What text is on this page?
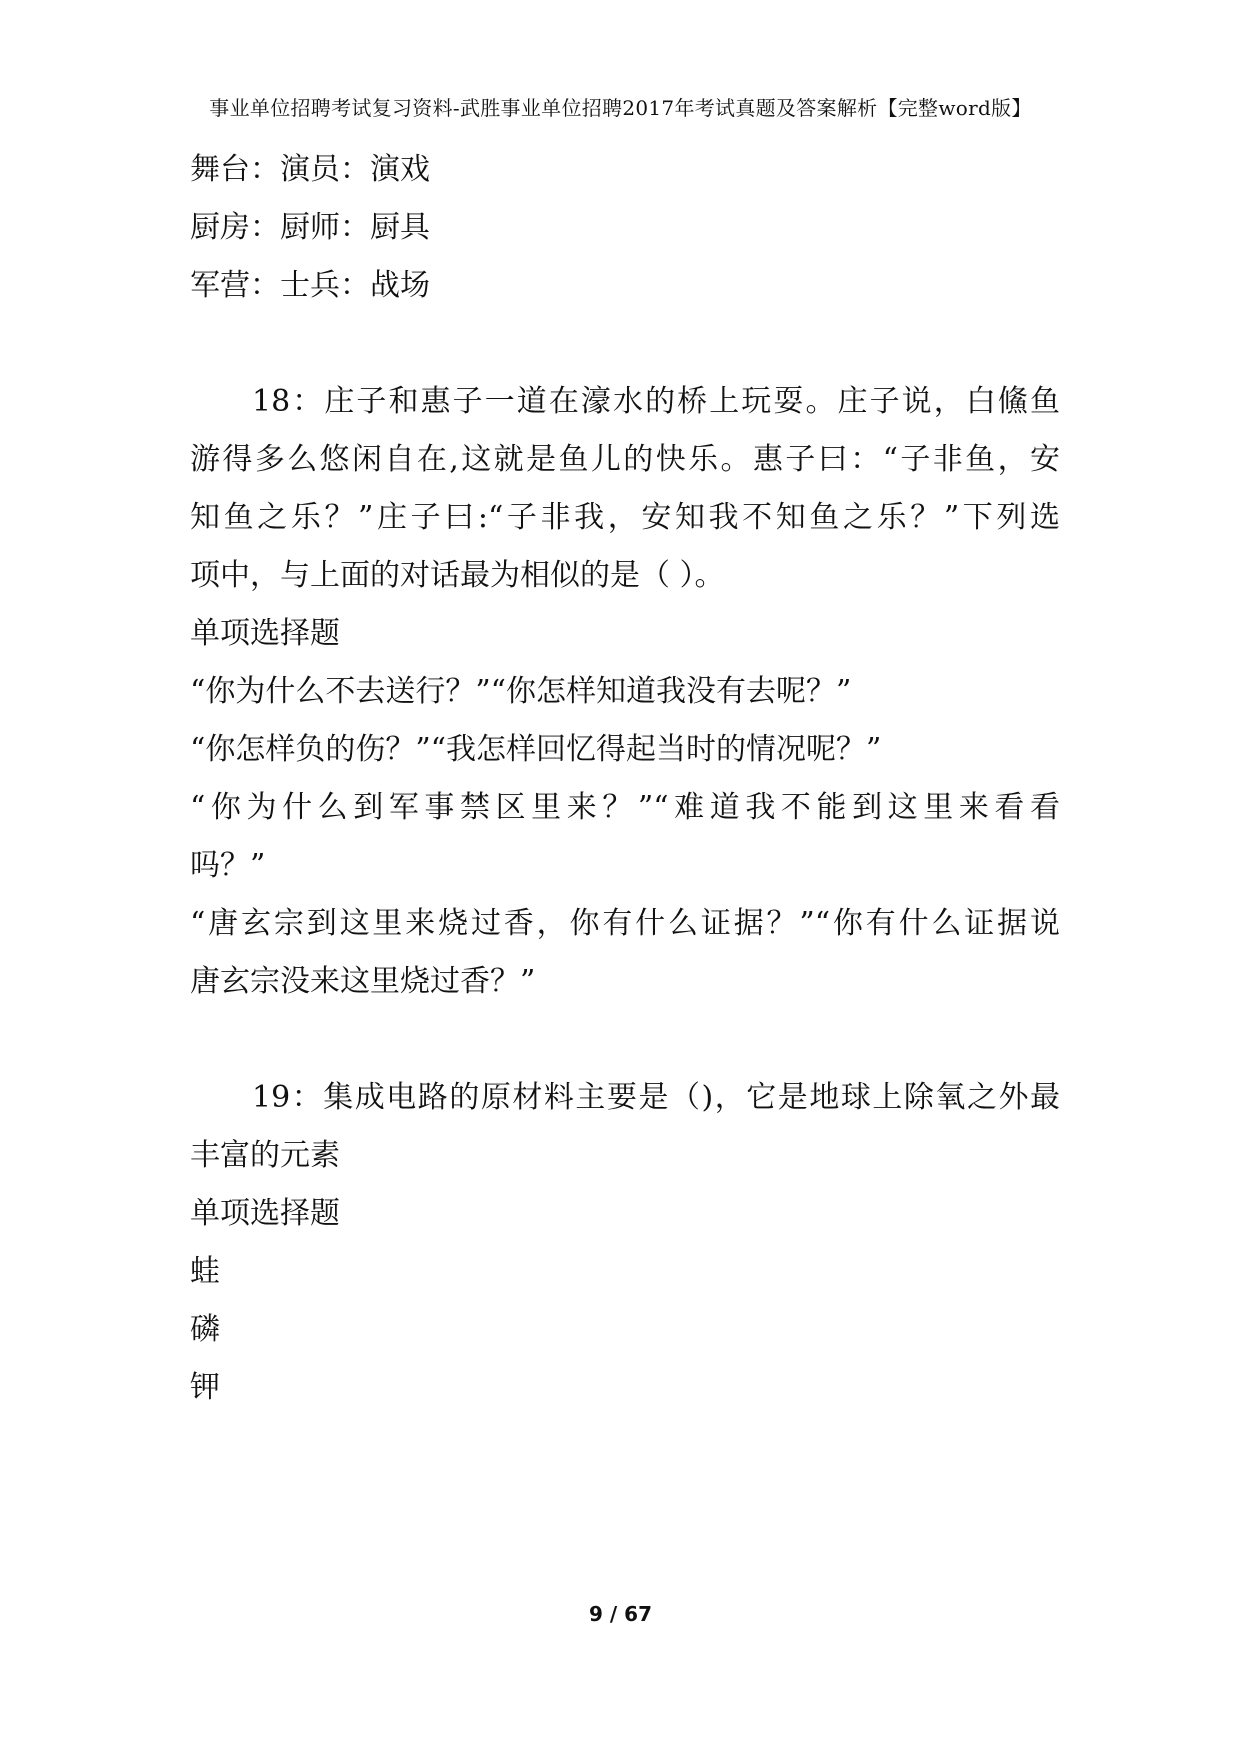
事业单位招聘考试复习资料-武胜事业单位招聘2017年考试真题及答案解析【完整word版】
舞台：演员：演戏
厨房：厨师：厨具
军营：士兵：战场
18：庄子和惠子一道在濠水的桥上玩耍。庄子说，白鯈鱼
游得多么悠闲自在,这就是鱼儿的快乐。惠子曰：“子非鱼，安
知鱼之乐？”庄子曰:“子非我，安知我不知鱼之乐？”下列选
项中，与上面的对话最为相似的是（ ）。
单项选择题
“你为什么不去送行？”“你怎样知道我没有去呢？”
“你怎样负的伤？”“我怎样回忆得起当时的情况呢？”
“你为什么到军事禁区里来？”“难道我不能到这里来看看
吗？”
“唐玄宗到这里来烧过香，你有什么证据？”“你有什么证据说
唐玄宗没来这里烧过香？”
19：集成电路的原材料主要是（)，它是地球上除氧之外最
丰富的元素
单项选择题
蛙
磷
钾
9 / 67
